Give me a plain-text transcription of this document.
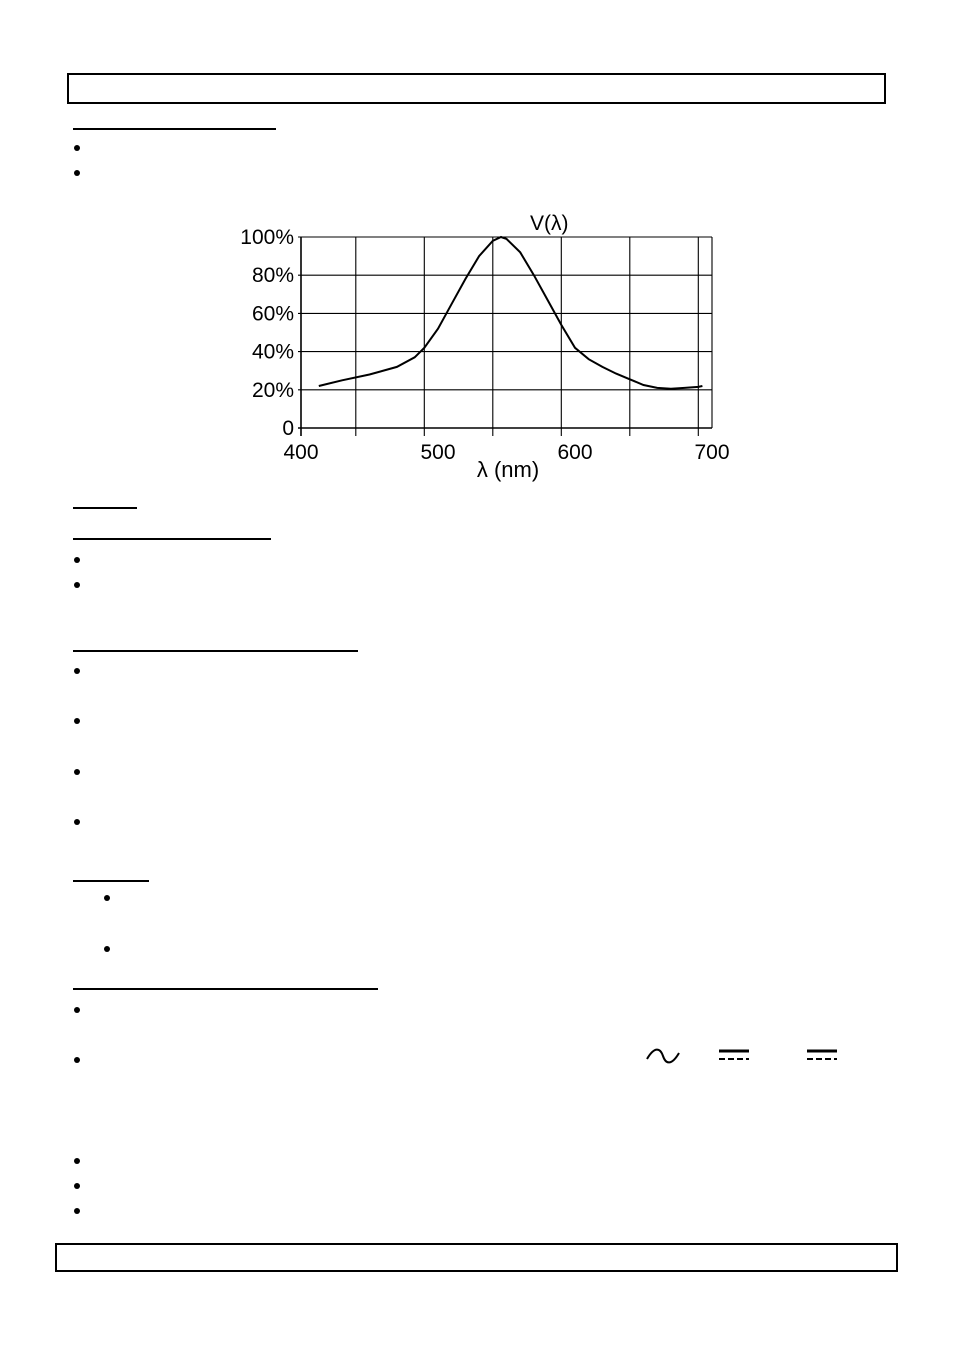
0
20%
40%
60%
80%
100%
400	500	600	700
V(λ)
λ (nm)
